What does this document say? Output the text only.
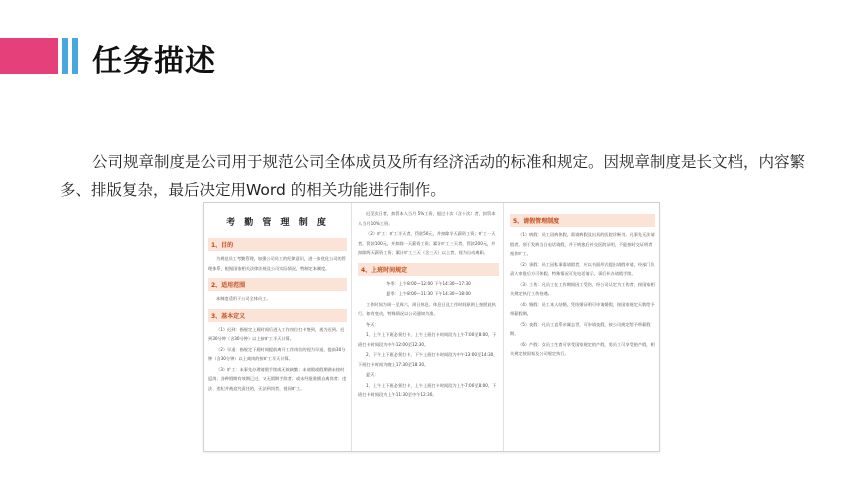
任务描述

公司规章制度是公司用于规范公司全体成员及所有经济活动的标准和规定。因规章制度是长文档，内容繁多、排版复杂，最后决定用Word 的相关功能进行制作。

考 勤 管 理 制 度
1、目的

为规范员工考勤管理，加强公司员工的纪律意识，进一步优化公司的管理体系，根据国家相关法律法规及公司实际情况，特制定本制度。

2、适用范围

本制度适用于公司全体员工。

3、基本定义

（1）迟到：指规定上班时间后进入工作岗位打卡签到，视为迟到。迟到30分钟（含30分钟）以上按旷工半天计算。

（2）早退：指规定下班时间提前离开工作岗位的视为早退，提前30分钟（含30分钟）以上离岗的按旷工半天计算。

（3）旷工：未事先办理请假手续或无故缺勤；未请假或假期满未按时返岗；各种假期有效期已过，又无假期手续者；或未经批准擅自离岗者；违法、违纪并被追究责任的，无法到岗者，视同旷工。

迟至次日者，扣罚本人当月 5%工资，超过十次（含十次）者，扣罚本人当月10%工资。

（2）旷工：旷工半天者，罚款50元，并扣除半天薪资工资；旷工一天者，罚款100元，并扣除一天薪资工资；累计旷工三天者，罚款200元，并扣除两天薪资工资；累计旷工三天（含三天）以上者，视为自动离职。

4、上班时间规定

冬季：上午8:00—12:00 下午14:30—17:30

夏季：上午8:00—11:30 下午14:30—18:00

工作时间为周一至周六，周日休息。休息日及工作时间原则上按照此执行，如有变动，特殊情况以公司通知为准。

冬天：

1、上午上下班必须打卡，上午上班打卡时间段为上午7:00至8:00，下班打卡时间段为中午12:00至12:30。

2、下午上下班必须打卡，下午上班打卡时间段为中午13:00至14:30，下班打卡时间为晚上17:30至18:30。

夏天：

1、上午上下班必须打卡，上午上班打卡时间段为上午7:00至8:00，下班打卡时间段为上午11:30至中午12:30。

5、请假管理制度

（1）病假：员工因病休假，需请病假及出具的医院诊断书。凡事先无法请假者，须于发病当日电话请假，并于病愈后补交医院证明，不能按时交证明者视作旷工。

（2）事假：员工因私事需请假者，应以书面形式提出请假申请，经部门负责人审批后方可休假，特殊情况可先电话请示，事后补办请假手续。

（3）工伤：凡员工在工作期间因工受伤，经公司认定为工伤者，按国家相关规定执行工伤待遇。

（4）婚假：员工本人结婚，凭结婚证明可申请婚假，按国家规定天数给予带薪假期。

（5）丧假：凡员工直系亲属去世，可申请丧假，按公司规定给予带薪假期。

（6）产假：女员工生育可享受国家规定的产假，男员工可享受陪产假，相关规定按国家及公司规定执行。
